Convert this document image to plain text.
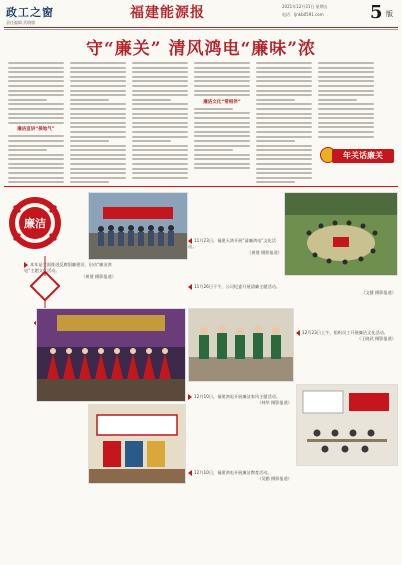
政工之窗
责任编辑 武晓敏
福建能源报	2021年12月31日 星期五
电话：ljnkb0591.com	5 版
守“廉关” 清风鸿电“廉味”浓
廉洁宣讲“接地气”
廉洁文化“常相伴”
年关话廉关
廉洁
11月23日，福建天鸿开展“清廉鸿电”文化活动。
（黄建 摄影报道）
本年是全面推进反腐倡廉建设，启动“廉洁鸿电”主题文化活动。
（黄建 摄影报道）
11月26日下午，公司纪委开展清廉主题活动。
（文健 摄影报道）
12月23日上午，组织员工开展廉洁文化活动。
（王晓武 摄影报道）
12月10日，福建鸿电开展廉洁家风主题活动。
（林华 摄影报道）
12月10日，福建鸿电开展廉洁教育活动。
（吴勤 摄影报道）
